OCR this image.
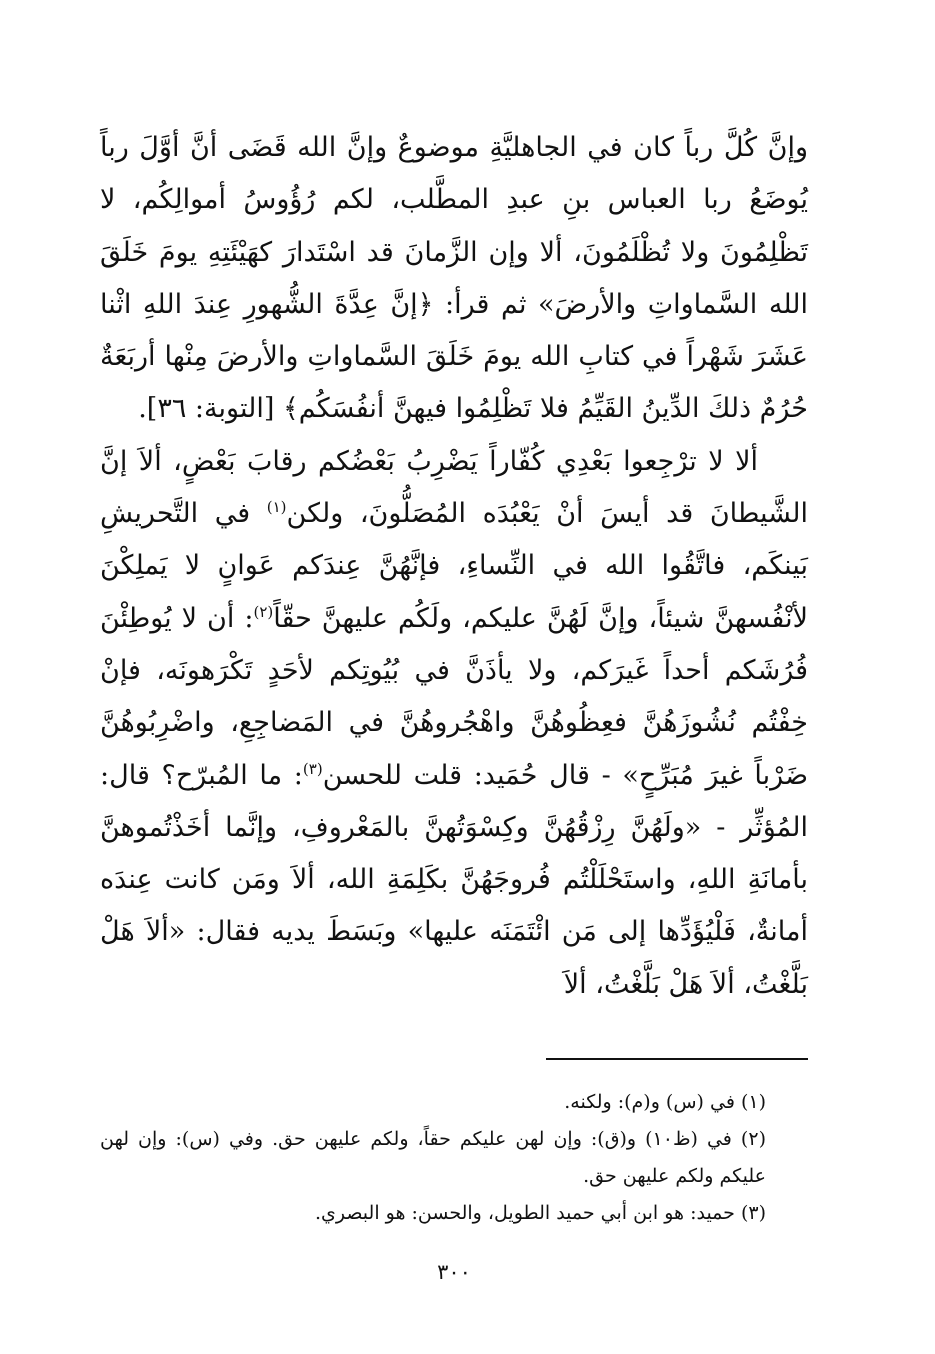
وإنَّ كُلَّ رباً كان في الجاهليَّةِ موضوعٌ وإنَّ الله قَضَى أنَّ أوَّلَ رباً يُوضَعُ ربا العباس بنِ عبدِ المطَّلب، لكم رُؤُوسُ أموالِكُم، لا تَظْلِمُونَ ولا تُظْلَمُونَ، ألا وإن الزَّمانَ قد اسْتَدارَ كهَيْئَتِهِ يومَ خَلَقَ الله السَّماواتِ والأرضَ» ثم قرأ: ﴿إنَّ عِدَّةَ الشُّهورِ عِندَ اللهِ اثْنا عَشَرَ شَهْراً في كتابِ الله يومَ خَلَقَ السَّماواتِ والأرضَ مِنْها أربَعَةٌ حُرُمٌ ذلكَ الدِّينُ القَيِّمُ فلا تَظْلِمُوا فيهنَّ أنفُسَكُم﴾ [التوبة: ٣٦].

ألا لا ترْجِعوا بَعْدِي كُفّاراً يَضْرِبُ بَعْضُكم رقابَ بَعْضٍ، ألاَ إنَّ الشَّيطانَ قد أيسَ أنْ يَعْبُدَه المُصَلُّونَ، ولكن$^{(١)}$ في التَّحريشِ بَينكَم، فاتَّقُوا الله في النِّساءِ، فإنَّهُنَّ عِندَكم عَوانٍ لا يَملِكْنَ لأنْفُسهنَّ شيئاً، وإنَّ لَهُنَّ عليكم، ولَكُم عليهنَّ حقّاً$^{(٢)}$: أن لا يُوطِئْنَ فُرُشَكم أحداً غَيرَكم، ولا يأذَنَّ في بُيُوتِكم لأحَدٍ تَكْرَهونَه، فإنْ خِفْتُم نُشُوزَهُنَّ فعِظُوهُنَّ واهْجُروهُنَّ في المَضاجِعِ، واضْرِبُوهُنَّ ضَرْباً غيرَ مُبَرِّحٍ» - قال حُمَيد: قلت للحسن$^{(٣)}$: ما المُبرّح؟ قال: المُؤثِّر - «ولَهُنَّ رِزْقُهُنَّ وكِسْوَتُهنَّ بالمَعْروفِ، وإنَّما أخَذْتُموهنَّ بأمانَةِ اللهِ، واستَحْلَلْتُم فُروجَهُنَّ بكَلِمَةِ الله، ألاَ ومَن كانت عِندَه أمانةٌ، فَلْيُؤَدِّها إلى مَن ائْتَمَنَه عليها» وبَسَطَ يديه فقال: «ألاَ هَلْ بَلَّغْتُ، ألاَ هَلْ بَلَّغْتُ، ألاَ

(١) في (س) و(م): ولكنه.

(٢) في (ظ١٠) و(ق): وإن لهن عليكم حقاً، ولكم عليهن حق. وفي (س): وإن لهن عليكم ولكم عليهن حق.

(٣) حميد: هو ابن أبي حميد الطويل، والحسن: هو البصري.

٣٠٠
